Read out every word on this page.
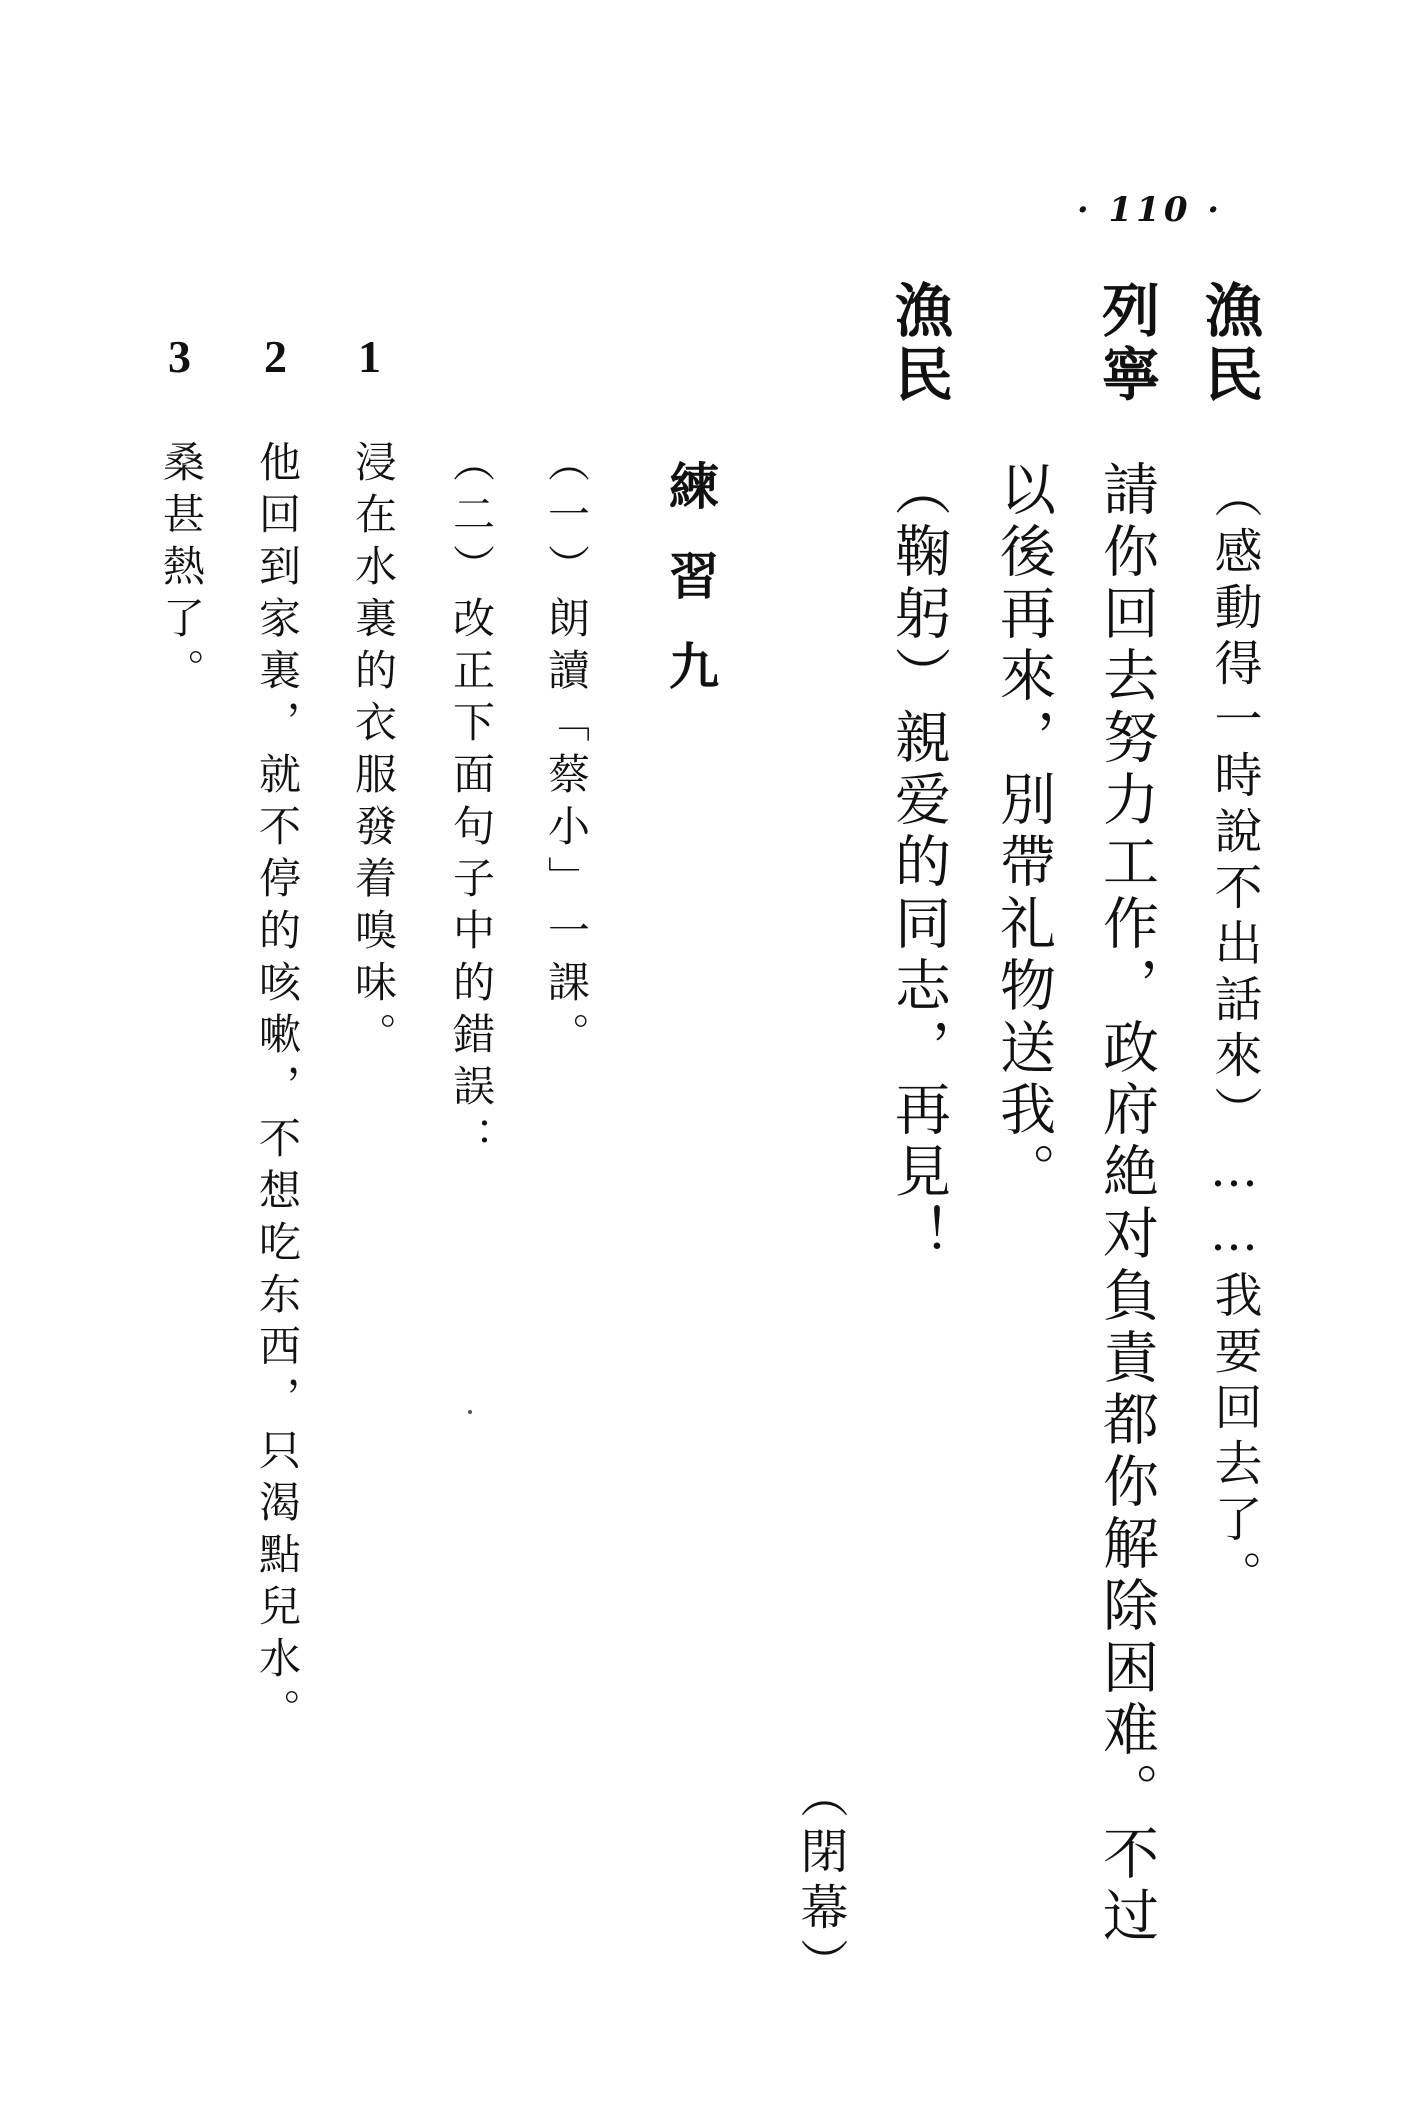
· 110 ·
漁民
（感動得一時說不出話來）……我要回去了。
列寧
請你回去努力工作，政府絶对負責都你解除困难。不过
以後再來，別帶礼物送我。
漁民
（鞠躬）親爱的同志，再見！
（閉幕）
練習九
（一）朗讀「蔡小」一課。
（二）改正下面句子中的錯誤：
1
浸在水裏的衣服發着嗅味。
2
他回到家裏，就不停的咳嗽，不想吃东西，只渴點兒水。
3
桑甚熱了。
